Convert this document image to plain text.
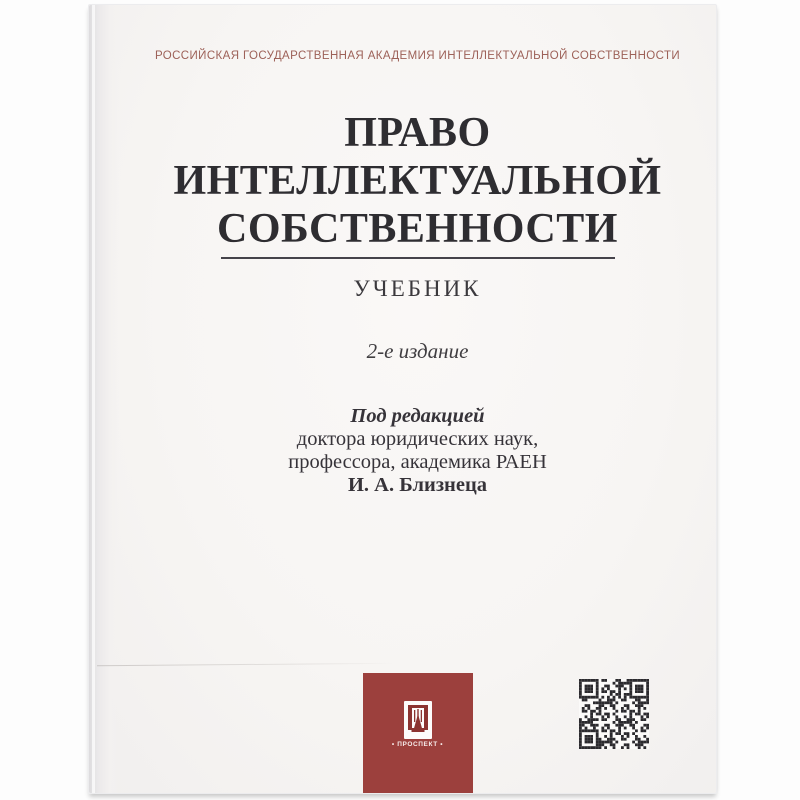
РОССИЙСКАЯ ГОСУДАРСТВЕННАЯ АКАДЕМИЯ ИНТЕЛЛЕКТУАЛЬНОЙ СОБСТВЕННОСТИ
ПРАВО
ИНТЕЛЛЕКТУАЛЬНОЙ
СОБСТВЕННОСТИ
УЧЕБНИК
2-е издание
Под редакцией
доктора юридических наук,
профессора, академика РАЕН
И. А. Близнеца
• ПРОСПЕКТ •
